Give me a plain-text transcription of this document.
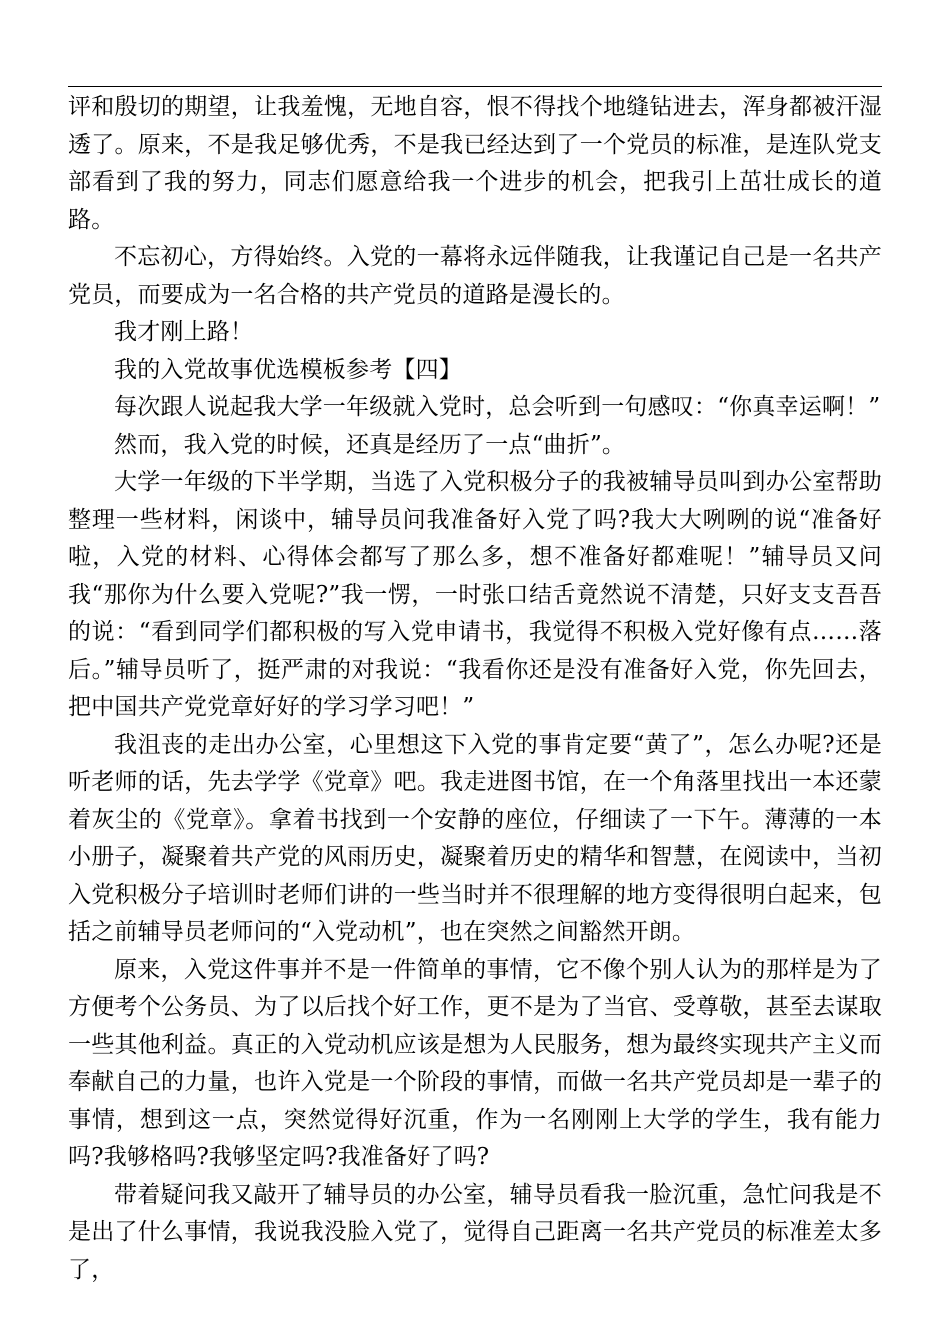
评和殷切的期望，让我羞愧，无地自容，恨不得找个地缝钻进去，浑身都被汗湿透了。原来，不是我足够优秀，不是我已经达到了一个党员的标准，是连队党支部看到了我的努力，同志们愿意给我一个进步的机会，把我引上茁壮成长的道路。

不忘初心，方得始终。入党的一幕将永远伴随我，让我谨记自己是一名共产党员，而要成为一名合格的共产党员的道路是漫长的。

我才刚上路！

我的入党故事优选模板参考【四】

每次跟人说起我大学一年级就入党时，总会听到一句感叹：“你真幸运啊！”

然而，我入党的时候，还真是经历了一点“曲折”。

大学一年级的下半学期，当选了入党积极分子的我被辅导员叫到办公室帮助整理一些材料，闲谈中，辅导员问我准备好入党了吗?我大大咧咧的说“准备好啦，入党的材料、心得体会都写了那么多，想不准备好都难呢！”辅导员又问我“那你为什么要入党呢?”我一愣，一时张口结舌竟然说不清楚，只好支支吾吾的说：“看到同学们都积极的写入党申请书，我觉得不积极入党好像有点……落后。”辅导员听了，挺严肃的对我说：“我看你还是没有准备好入党，你先回去，把中国共产党党章好好的学习学习吧！”

我沮丧的走出办公室，心里想这下入党的事肯定要“黄了”，怎么办呢?还是听老师的话，先去学学《党章》吧。我走进图书馆，在一个角落里找出一本还蒙着灰尘的《党章》。拿着书找到一个安静的座位，仔细读了一下午。薄薄的一本小册子，凝聚着共产党的风雨历史，凝聚着历史的精华和智慧，在阅读中，当初入党积极分子培训时老师们讲的一些当时并不很理解的地方变得很明白起来，包括之前辅导员老师问的“入党动机”，也在突然之间豁然开朗。

原来，入党这件事并不是一件简单的事情，它不像个别人认为的那样是为了方便考个公务员、为了以后找个好工作，更不是为了当官、受尊敬，甚至去谋取一些其他利益。真正的入党动机应该是想为人民服务，想为最终实现共产主义而奉献自己的力量，也许入党是一个阶段的事情，而做一名共产党员却是一辈子的事情，想到这一点，突然觉得好沉重，作为一名刚刚上大学的学生，我有能力吗?我够格吗?我够坚定吗?我准备好了吗?

带着疑问我又敲开了辅导员的办公室，辅导员看我一脸沉重，急忙问我是不是出了什么事情，我说我没脸入党了，觉得自己距离一名共产党员的标准差太多了，
